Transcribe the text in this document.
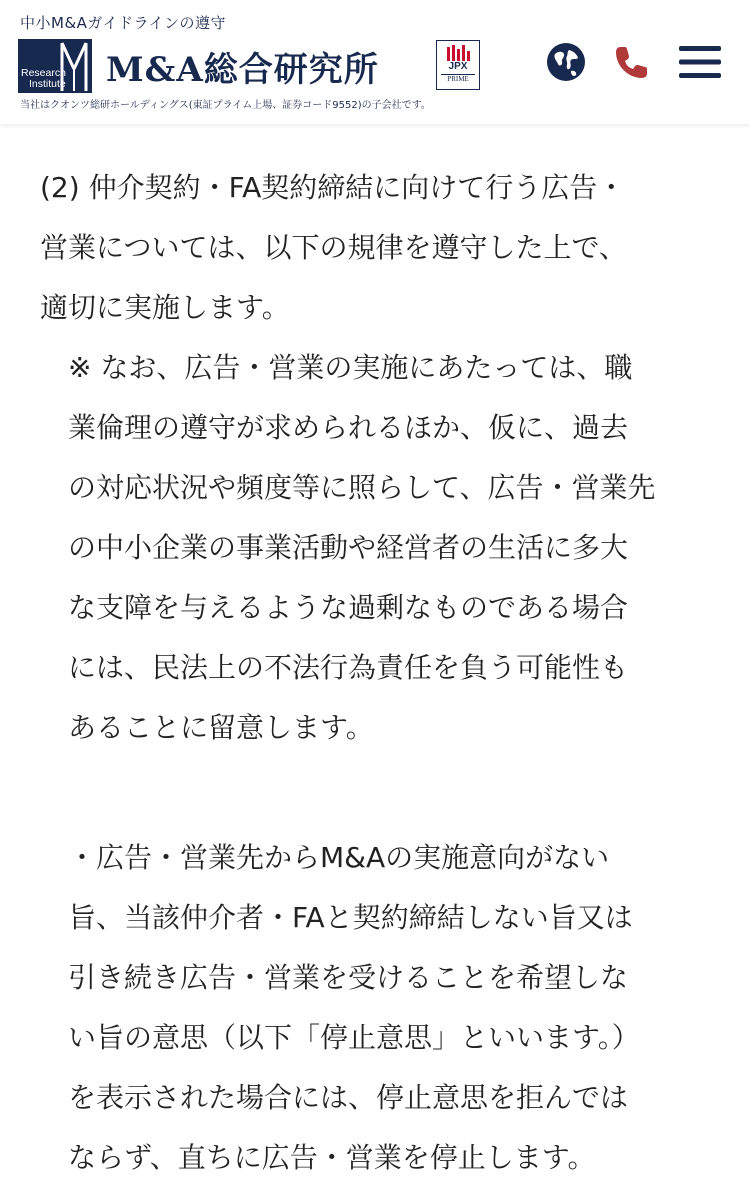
中小M&Aガイドラインの遵守
Research
Institute M&A総合研究所	JPX
PRIME
当社はクオンツ総研ホールディングス(東証プライム上場、証券コード9552)の子会社です。

(2) 仲介契約・FA契約締結に向けて行う広告・
営業については、以下の規律を遵守した上で、
適切に実施します。

※ なお、広告・営業の実施にあたっては、職
業倫理の遵守が求められるほか、仮に、過去
の対応状況や頻度等に照らして、広告・営業先
の中小企業の事業活動や経営者の生活に多大
な支障を与えるような過剰なものである場合
には、民法上の不法行為責任を負う可能性も
あることに留意します。

・広告・営業先からM&Aの実施意向がない
旨、当該仲介者・FAと契約締結しない旨又は
引き続き広告・営業を受けることを希望しな
い旨の意思（以下「停止意思」といいます。）
を表示された場合には、停止意思を拒んでは
ならず、直ちに広告・営業を停止します。
